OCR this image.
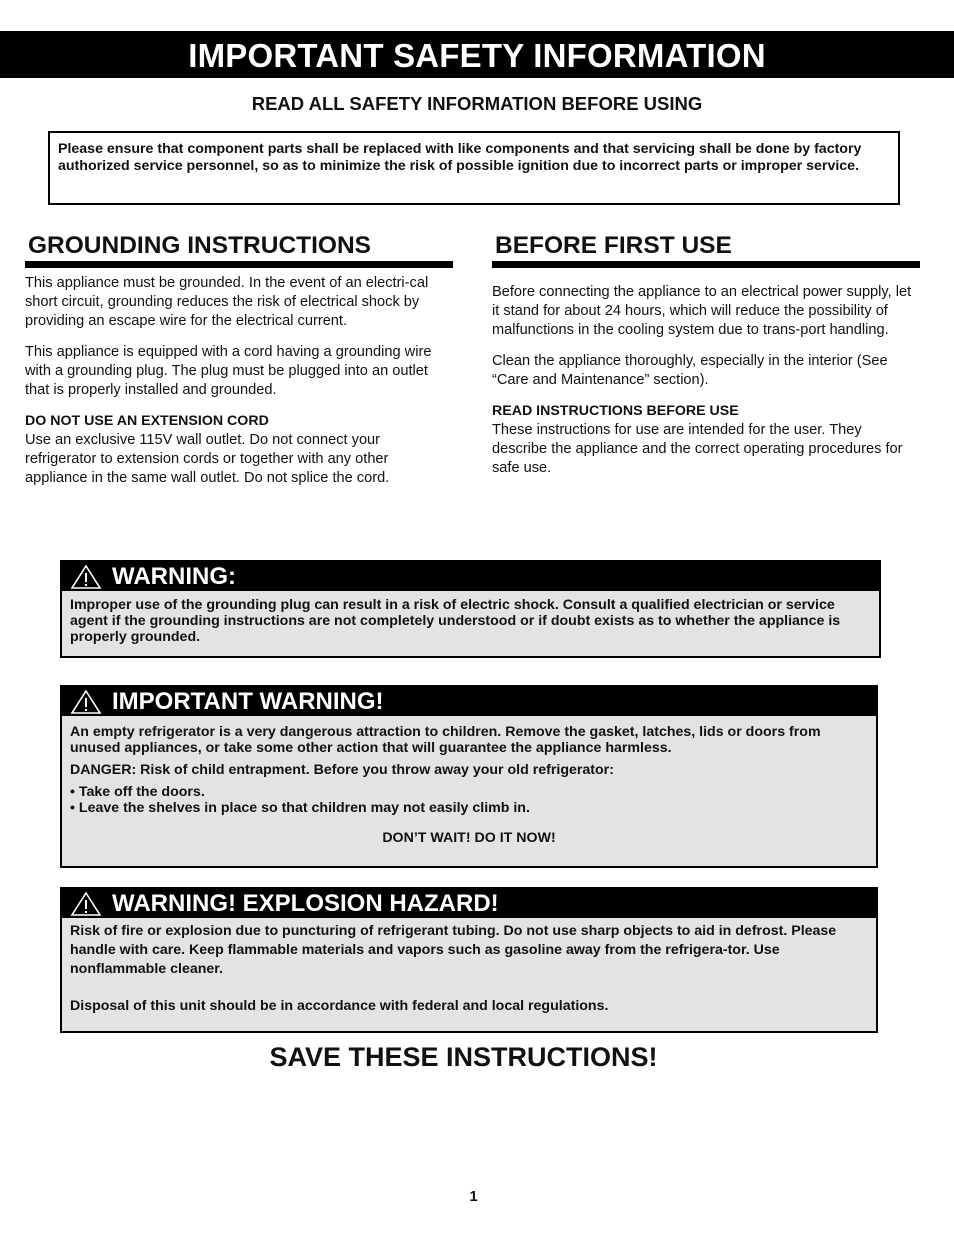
IMPORTANT SAFETY INFORMATION
READ ALL SAFETY INFORMATION BEFORE USING
Please ensure that component parts shall be replaced with like components and that servicing shall be done by factory authorized service personnel, so as to minimize the risk of possible ignition due to incorrect parts or improper service.
GROUNDING INSTRUCTIONS

This appliance must be grounded. In the event of an electri-cal short circuit, grounding reduces the risk of electrical shock by providing an escape wire for the electrical current.

This appliance is equipped with a cord having a grounding wire with a grounding plug. The plug must be plugged into an outlet that is properly installed and grounded.

DO NOT USE AN EXTENSION CORD

Use an exclusive 115V wall outlet. Do not connect your refrigerator to extension cords or together with any other appliance in the same wall outlet. Do not splice the cord.

BEFORE FIRST USE

Before connecting the appliance to an electrical power supply, let it stand for about 24 hours, which will reduce the possibility of malfunctions in the cooling system due to trans-port handling.

Clean the appliance thoroughly, especially in the interior (See “Care and Maintenance” section).

READ INSTRUCTIONS BEFORE USE

These instructions for use are intended for the user. They describe the appliance and the correct operating procedures for safe use.

WARNING:
Improper use of the grounding plug can result in a risk of electric shock. Consult a qualified electrician or service agent if the grounding instructions are not completely understood or if doubt exists as to whether the appliance is properly grounded.
IMPORTANT WARNING!
An empty refrigerator is a very dangerous attraction to children. Remove the gasket, latches, lids or doors from unused appliances, or take some other action that will guarantee the appliance harmless.
DANGER: Risk of child entrapment. Before you throw away your old refrigerator:
• Take off the doors.
• Leave the shelves in place so that children may not easily climb in.
DON’T WAIT! DO IT NOW!
WARNING! EXPLOSION HAZARD!
Risk of fire or explosion due to puncturing of refrigerant tubing. Do not use sharp objects to aid in defrost. Please handle with care. Keep flammable materials and vapors such as gasoline away from the refrigera-tor. Use nonflammable cleaner.
Disposal of this unit should be in accordance with federal and local regulations.
SAVE THESE INSTRUCTIONS!
1
